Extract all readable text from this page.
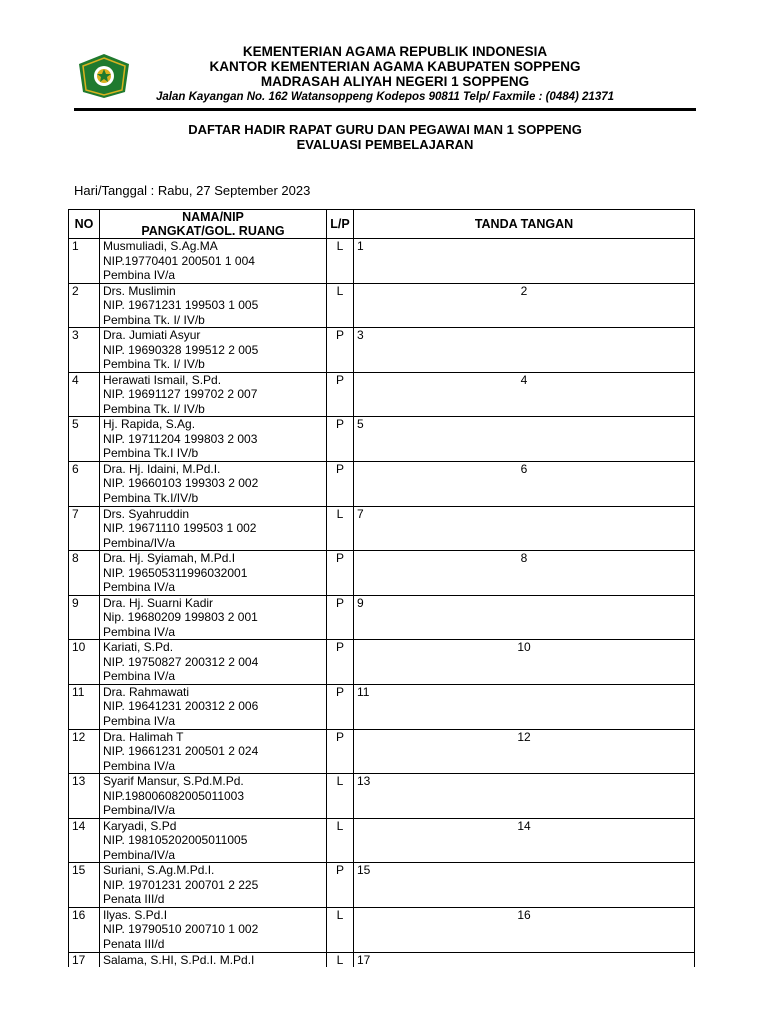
KEMENTERIAN AGAMA REPUBLIK INDONESIA
KANTOR KEMENTERIAN AGAMA KABUPATEN SOPPENG
MADRASAH ALIYAH NEGERI 1 SOPPENG
Jalan Kayangan No. 162 Watansoppeng Kodepos 90811 Telp/ Faxmile : (0484) 21371
DAFTAR HADIR RAPAT GURU DAN PEGAWAI MAN 1 SOPPENG
EVALUASI PEMBELAJARAN
Hari/Tanggal : Rabu, 27 September 2023
NO	NAMA/NIP
PANGKAT/GOL. RUANG	L/P	TANDA TANGAN
1	Musmuliadi, S.Ag.MA
NIP.19770401 200501 1 004
Pembina IV/a	L	1
2	Drs. Muslimin
NIP. 19671231 199503 1 005
Pembina Tk. I/ IV/b	L	2
3	Dra. Jumiati Asyur
NIP. 19690328 199512 2 005
Pembina Tk. I/ IV/b	P	3
4	Herawati Ismail, S.Pd.
NIP. 19691127 199702 2 007
Pembina Tk. I/ IV/b	P	4
5	Hj. Rapida, S.Ag.
NIP. 19711204 199803 2 003
Pembina Tk.I IV/b	P	5
6	Dra. Hj. Idaini, M.Pd.I.
NIP. 19660103 199303 2 002
Pembina Tk.I/IV/b	P	6
7	Drs. Syahruddin
NIP. 19671110 199503 1 002
Pembina/IV/a	L	7
8	Dra. Hj. Syiamah, M.Pd.I
NIP. 196505311996032001
Pembina IV/a	P	8
9	Dra. Hj. Suarni Kadir
Nip. 19680209 199803 2 001
Pembina IV/a	P	9
10	Kariati, S.Pd.
NIP. 19750827 200312 2 004
Pembina IV/a	P	10
11	Dra. Rahmawati
NIP. 19641231 200312 2 006
Pembina IV/a	P	11
12	Dra. Halimah T
NIP. 19661231 200501 2 024
Pembina IV/a	P	12
13	Syarif Mansur, S.Pd.M.Pd.
NIP.198006082005011003
Pembina/IV/a	L	13
14	Karyadi, S.Pd
NIP. 198105202005011005
Pembina/IV/a	L	14
15	Suriani, S.Ag.M.Pd.I.
NIP. 19701231 200701 2 225
Penata III/d	P	15
16	Ilyas. S.Pd.I
NIP. 19790510 200710 1 002
Penata III/d	L	16
17	Salama, S.HI, S.Pd.I. M.Pd.I	L	17
